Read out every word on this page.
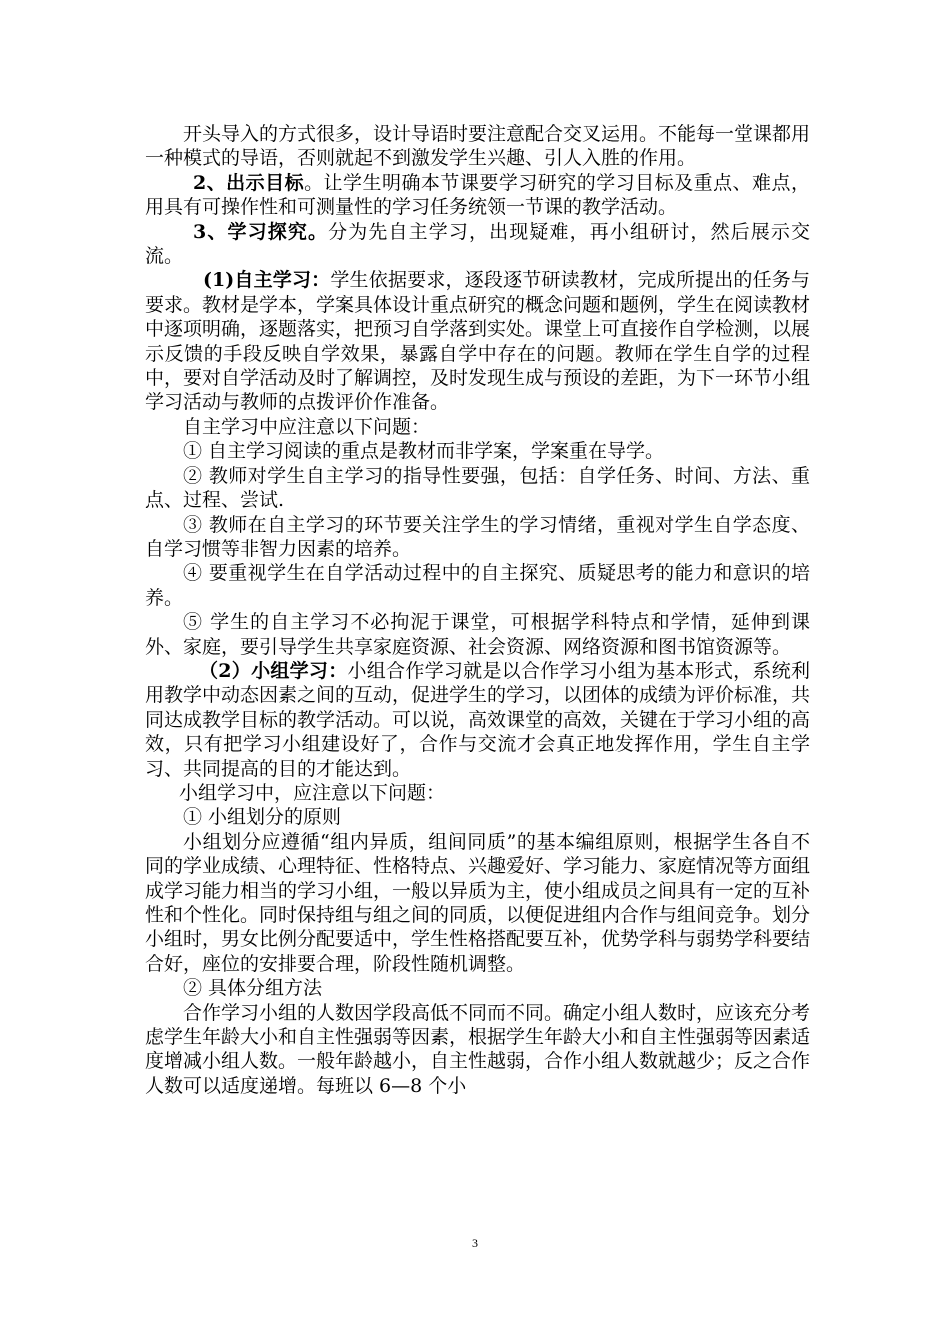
开头导入的方式很多，设计导语时要注意配合交叉运用。不能每一堂课都用一种模式的导语，否则就起不到激发学生兴趣、引人入胜的作用。

2、出示目标。让学生明确本节课要学习研究的学习目标及重点、难点，用具有可操作性和可测量性的学习任务统领一节课的教学活动。

3、学习探究。分为先自主学习，出现疑难，再小组研讨，然后展示交流。

(1)自主学习：学生依据要求，逐段逐节研读教材，完成所提出的任务与要求。教材是学本，学案具体设计重点研究的概念问题和题例，学生在阅读教材中逐项明确，逐题落实，把预习自学落到实处。课堂上可直接作自学检测，以展示反馈的手段反映自学效果，暴露自学中存在的问题。教师在学生自学的过程中，要对自学活动及时了解调控，及时发现生成与预设的差距，为下一环节小组学习活动与教师的点拨评价作准备。

自主学习中应注意以下问题：

① 自主学习阅读的重点是教材而非学案，学案重在导学。

② 教师对学生自主学习的指导性要强，包括：自学任务、时间、方法、重点、过程、尝试.

③ 教师在自主学习的环节要关注学生的学习情绪，重视对学生自学态度、自学习惯等非智力因素的培养。

④ 要重视学生在自学活动过程中的自主探究、质疑思考的能力和意识的培养。

⑤ 学生的自主学习不必拘泥于课堂，可根据学科特点和学情，延伸到课外、家庭，要引导学生共享家庭资源、社会资源、网络资源和图书馆资源等。

（2）小组学习：小组合作学习就是以合作学习小组为基本形式，系统利用教学中动态因素之间的互动，促进学生的学习，以团体的成绩为评价标准，共同达成教学目标的教学活动。可以说，高效课堂的高效，关键在于学习小组的高效，只有把学习小组建设好了，合作与交流才会真正地发挥作用，学生自主学习、共同提高的目的才能达到。

小组学习中，应注意以下问题：

① 小组划分的原则

小组划分应遵循“组内异质，组间同质”的基本编组原则，根据学生各自不同的学业成绩、心理特征、性格特点、兴趣爱好、学习能力、家庭情况等方面组成学习能力相当的学习小组，一般以异质为主，使小组成员之间具有一定的互补性和个性化。同时保持组与组之间的同质，以便促进组内合作与组间竞争。划分小组时，男女比例分配要适中，学生性格搭配要互补，优势学科与弱势学科要结合好，座位的安排要合理，阶段性随机调整。

② 具体分组方法

合作学习小组的人数因学段高低不同而不同。确定小组人数时，应该充分考虑学生年龄大小和自主性强弱等因素，根据学生年龄大小和自主性强弱等因素适度增减小组人数。一般年龄越小，自主性越弱，合作小组人数就越少；反之合作人数可以适度递增。每班以 6—8 个小

3
